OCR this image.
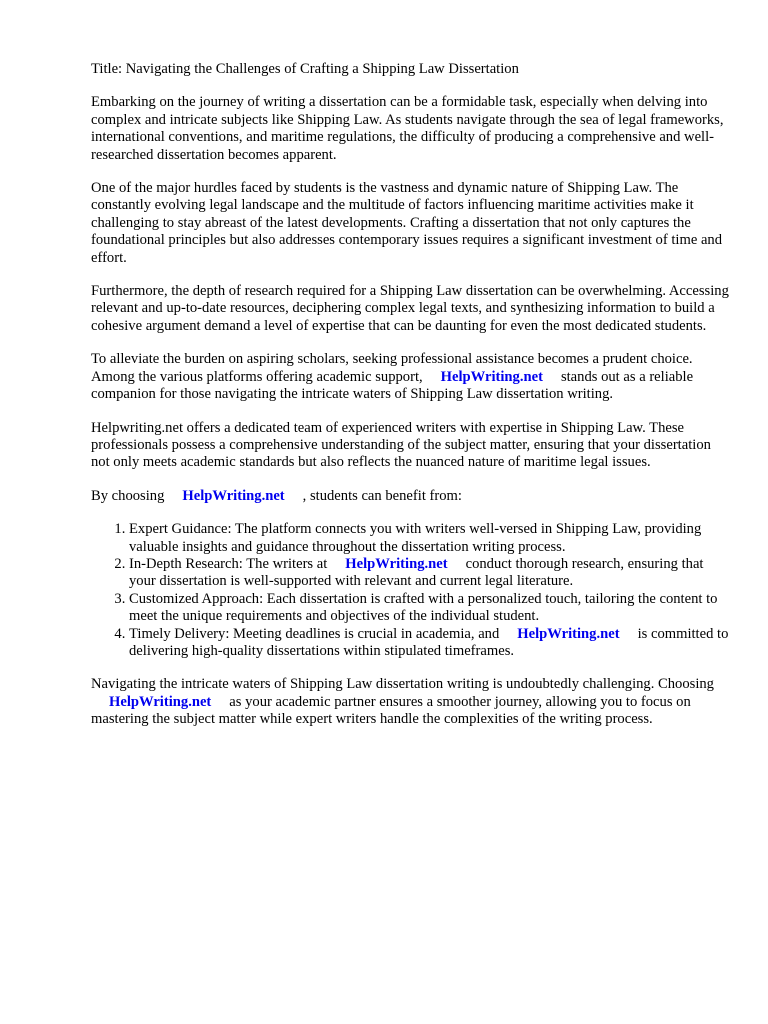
Title: Navigating the Challenges of Crafting a Shipping Law Dissertation

Embarking on the journey of writing a dissertation can be a formidable task, especially when delving into complex and intricate subjects like Shipping Law. As students navigate through the sea of legal frameworks, international conventions, and maritime regulations, the difficulty of producing a comprehensive and well-researched dissertation becomes apparent.

One of the major hurdles faced by students is the vastness and dynamic nature of Shipping Law. The constantly evolving legal landscape and the multitude of factors influencing maritime activities make it challenging to stay abreast of the latest developments. Crafting a dissertation that not only captures the foundational principles but also addresses contemporary issues requires a significant investment of time and effort.

Furthermore, the depth of research required for a Shipping Law dissertation can be overwhelming. Accessing relevant and up-to-date resources, deciphering complex legal texts, and synthesizing information to build a cohesive argument demand a level of expertise that can be daunting for even the most dedicated students.

To alleviate the burden on aspiring scholars, seeking professional assistance becomes a prudent choice. Among the various platforms offering academic support, HelpWriting.net stands out as a reliable companion for those navigating the intricate waters of Shipping Law dissertation writing.

Helpwriting.net offers a dedicated team of experienced writers with expertise in Shipping Law. These professionals possess a comprehensive understanding of the subject matter, ensuring that your dissertation not only meets academic standards but also reflects the nuanced nature of maritime legal issues.

By choosing HelpWriting.net , students can benefit from:

1. Expert Guidance: The platform connects you with writers well-versed in Shipping Law, providing valuable insights and guidance throughout the dissertation writing process.
2. In-Depth Research: The writers at HelpWriting.net conduct thorough research, ensuring that your dissertation is well-supported with relevant and current legal literature.
3. Customized Approach: Each dissertation is crafted with a personalized touch, tailoring the content to meet the unique requirements and objectives of the individual student.
4. Timely Delivery: Meeting deadlines is crucial in academia, and HelpWriting.net is committed to delivering high-quality dissertations within stipulated timeframes.

Navigating the intricate waters of Shipping Law dissertation writing is undoubtedly challenging. ChoosingHelpWriting.net as your academic partner ensures a smoother journey, allowing you to focus on mastering the subject matter while expert writers handle the complexities of the writing process.
